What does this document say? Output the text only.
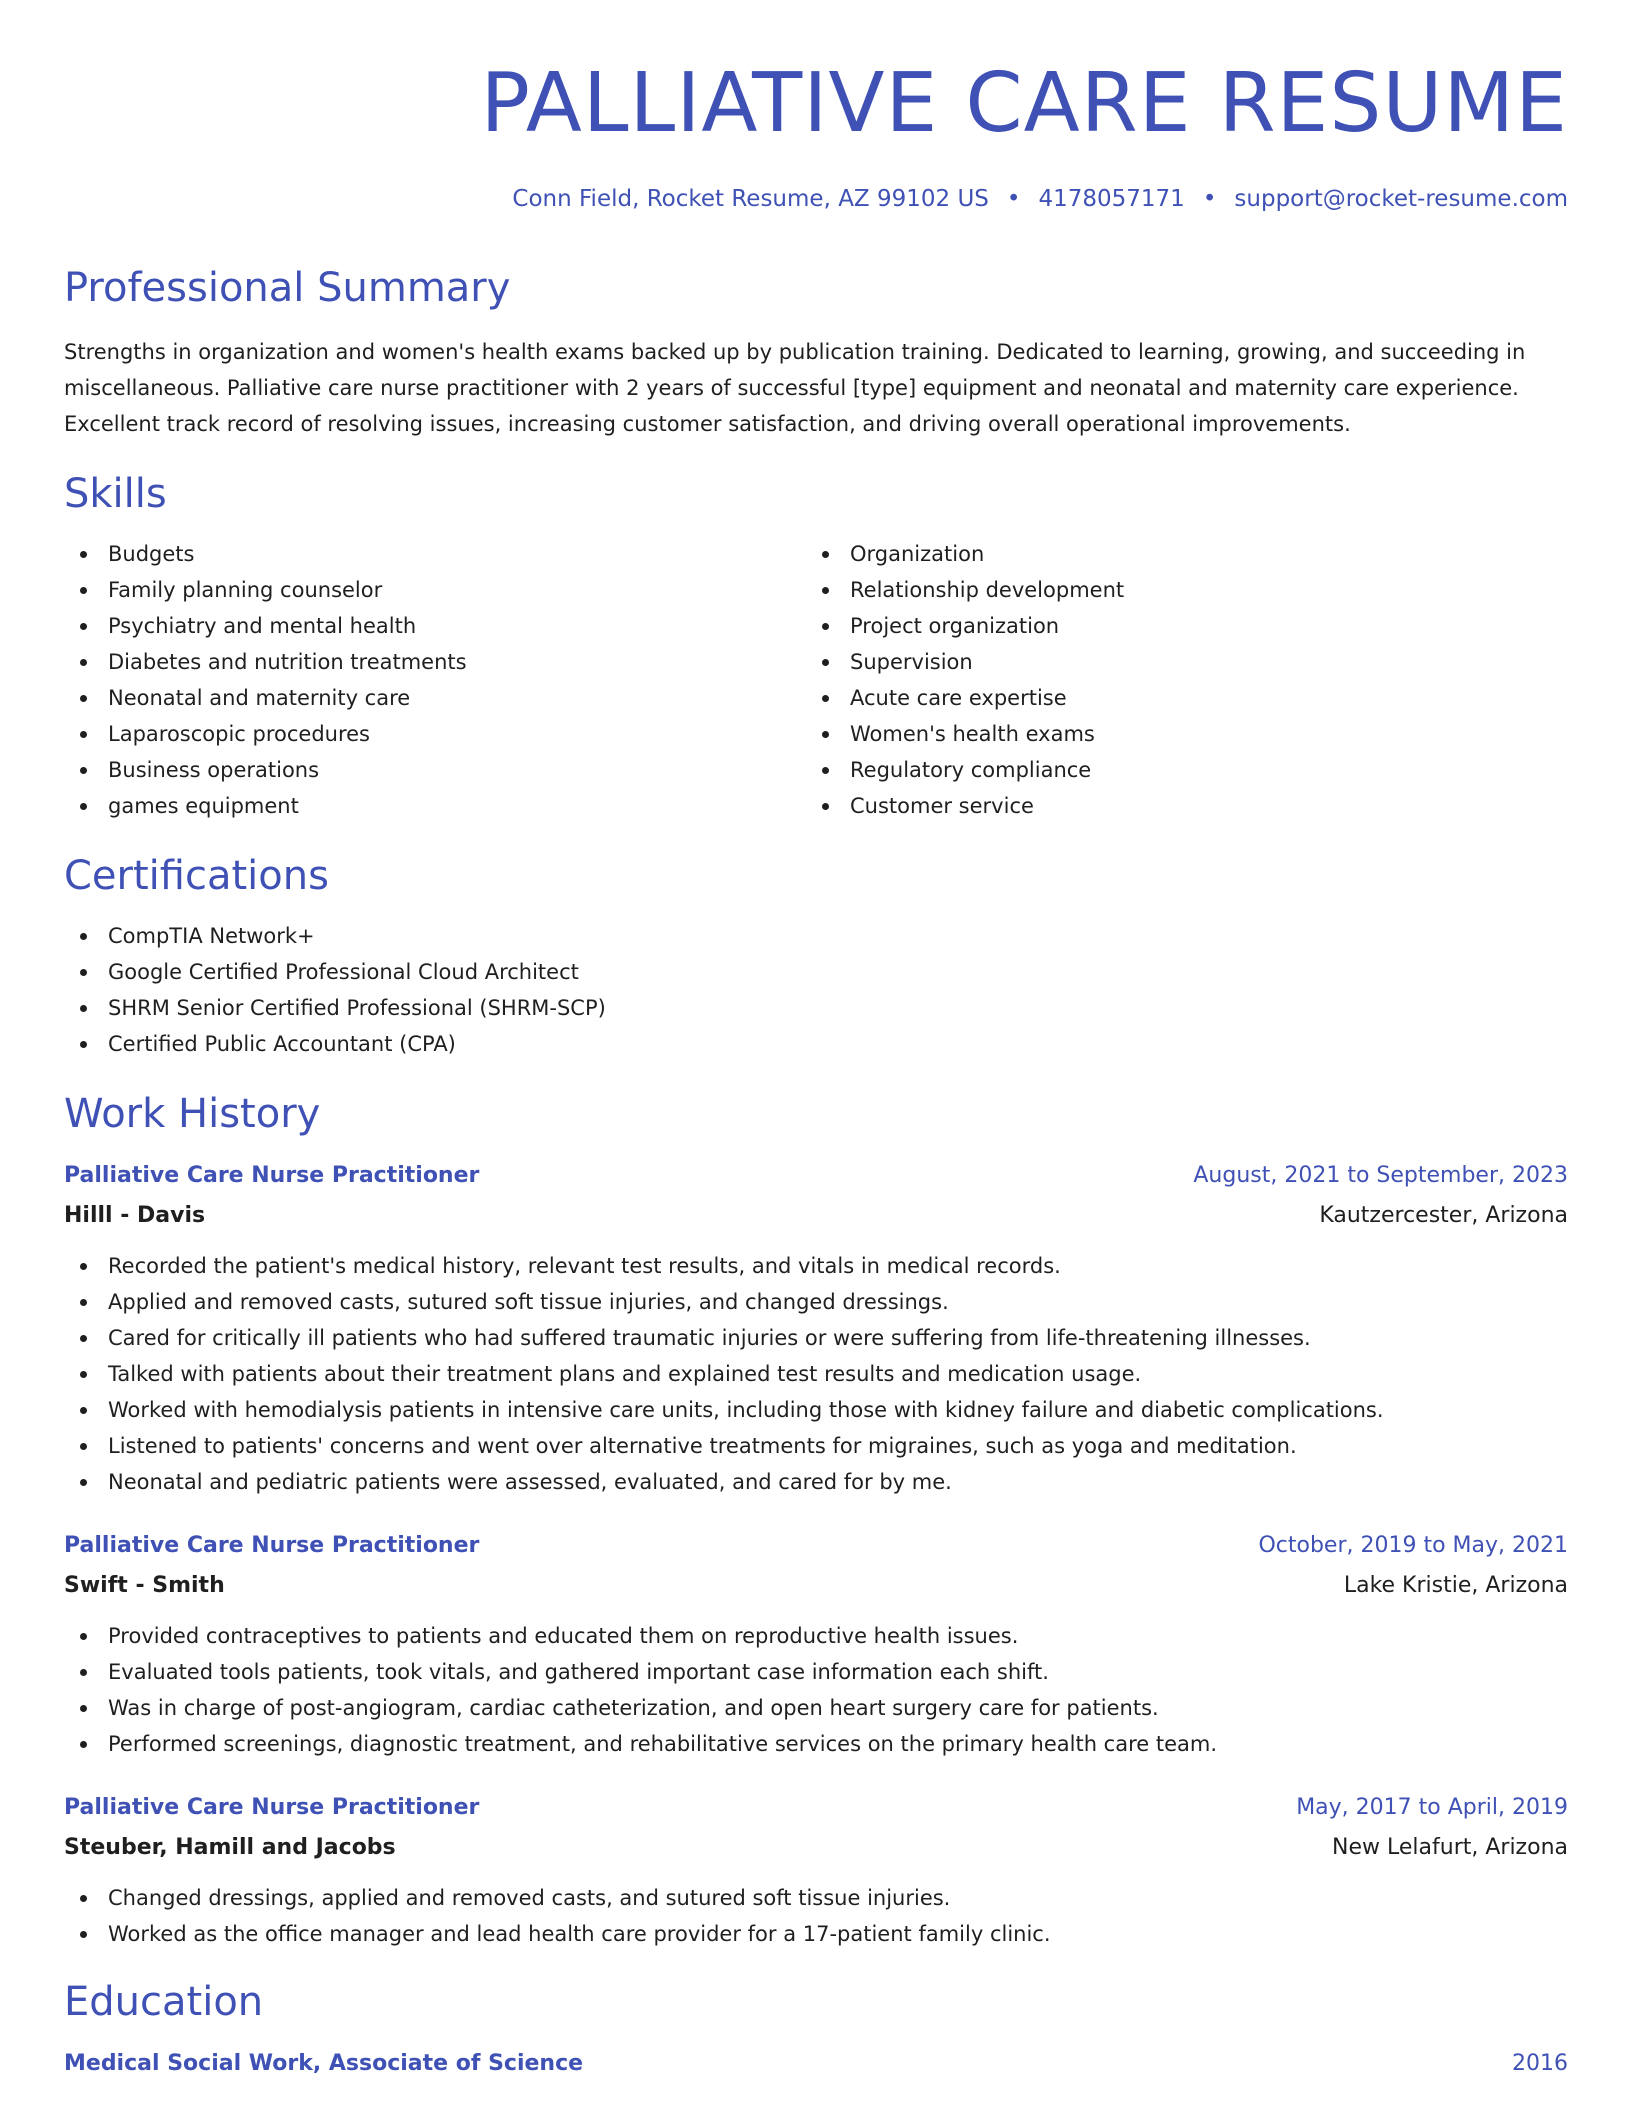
PALLIATIVE CARE RESUME
Conn Field, Rocket Resume, AZ 99102 US • 4178057171 • support@rocket-resume.com
Professional Summary

Strengths in organization and women's health exams backed up by publication training. Dedicated to learning, growing, and succeeding in miscellaneous. Palliative care nurse practitioner with 2 years of successful [type] equipment and neonatal and maternity care experience. Excellent track record of resolving issues, increasing customer satisfaction, and driving overall operational improvements.

Skills
Budgets
Family planning counselor
Psychiatry and mental health
Diabetes and nutrition treatments
Neonatal and maternity care
Laparoscopic procedures
Business operations
games equipment
Organization
Relationship development
Project organization
Supervision
Acute care expertise
Women's health exams
Regulatory compliance
Customer service
Certifications
CompTIA Network+
Google Certified Professional Cloud Architect
SHRM Senior Certified Professional (SHRM-SCP)
Certified Public Accountant (CPA)
Work History
Palliative Care Nurse Practitioner	August, 2021 to September, 2023
Hilll - Davis	Kautzercester, Arizona
Recorded the patient's medical history, relevant test results, and vitals in medical records.
Applied and removed casts, sutured soft tissue injuries, and changed dressings.
Cared for critically ill patients who had suffered traumatic injuries or were suffering from life-threatening illnesses.
Talked with patients about their treatment plans and explained test results and medication usage.
Worked with hemodialysis patients in intensive care units, including those with kidney failure and diabetic complications.
Listened to patients' concerns and went over alternative treatments for migraines, such as yoga and meditation.
Neonatal and pediatric patients were assessed, evaluated, and cared for by me.
Palliative Care Nurse Practitioner	October, 2019 to May, 2021
Swift - Smith	Lake Kristie, Arizona
Provided contraceptives to patients and educated them on reproductive health issues.
Evaluated tools patients, took vitals, and gathered important case information each shift.
Was in charge of post-angiogram, cardiac catheterization, and open heart surgery care for patients.
Performed screenings, diagnostic treatment, and rehabilitative services on the primary health care team.
Palliative Care Nurse Practitioner	May, 2017 to April, 2019
Steuber, Hamill and Jacobs	New Lelafurt, Arizona
Changed dressings, applied and removed casts, and sutured soft tissue injuries.
Worked as the office manager and lead health care provider for a 17-patient family clinic.
Education
Medical Social Work, Associate of Science	2016
